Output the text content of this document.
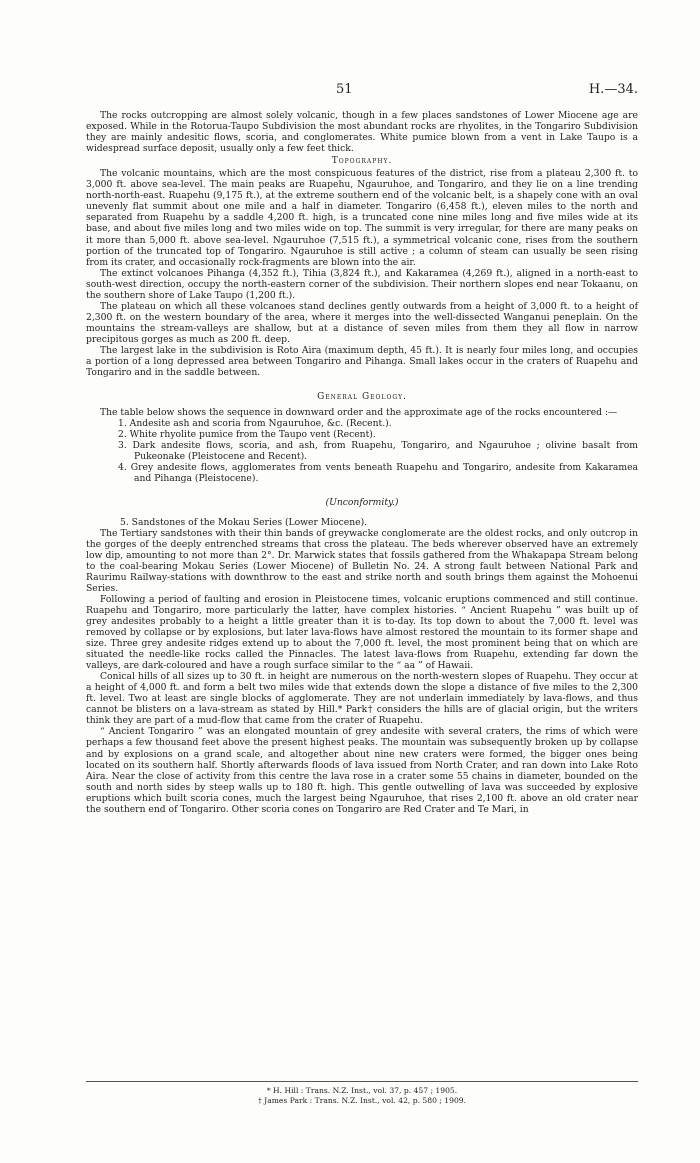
51	H.—34.

The rocks outcropping are almost solely volcanic, though in a few places sandstones of Lower Miocene age are exposed. While in the Rotorua-Taupo Subdivision the most abundant rocks are rhyolites, in the Tongariro Subdivision they are mainly andesitic flows, scoria, and conglomerates. White pumice blown from a vent in Lake Taupo is a widespread surface deposit, usually only a few feet thick.

Topography.

The volcanic mountains, which are the most conspicuous features of the district, rise from a plateau 2,300 ft. to 3,000 ft. above sea-level. The main peaks are Ruapehu, Ngauruhoe, and Tongariro, and they lie on a line trending north-north-east. Ruapehu (9,175 ft.), at the extreme southern end of the volcanic belt, is a shapely cone with an oval unevenly flat summit about one mile and a half in diameter. Tongariro (6,458 ft.), eleven miles to the north and separated from Ruapehu by a saddle 4,200 ft. high, is a truncated cone nine miles long and five miles wide at its base, and about five miles long and two miles wide on top. The summit is very irregular, for there are many peaks on it more than 5,000 ft. above sea-level. Ngauruhoe (7,515 ft.), a symmetrical volcanic cone, rises from the southern portion of the truncated top of Tongariro. Ngauruhoe is still active ; a column of steam can usually be seen rising from its crater, and occasionally rock-fragments are blown into the air.

The extinct volcanoes Pihanga (4,352 ft.), Tihia (3,824 ft.), and Kakaramea (4,269 ft.), aligned in a north-east to south-west direction, occupy the north-eastern corner of the subdivision. Their northern slopes end near Tokaanu, on the southern shore of Lake Taupo (1,200 ft.).

The plateau on which all these volcanoes stand declines gently outwards from a height of 3,000 ft. to a height of 2,300 ft. on the western boundary of the area, where it merges into the well-dissected Wanganui peneplain. On the mountains the stream-valleys are shallow, but at a distance of seven miles from them they all flow in narrow precipitous gorges as much as 200 ft. deep.

The largest lake in the subdivision is Roto Aira (maximum depth, 45 ft.). It is nearly four miles long, and occupies a portion of a long depressed area between Tongariro and Pihanga. Small lakes occur in the craters of Ruapehu and Tongariro and in the saddle between.

General Geology.

The table below shows the sequence in downward order and the approximate age of the rocks encountered :—

1. Andesite ash and scoria from Ngauruhoe, &c. (Recent.).
2. White rhyolite pumice from the Taupo vent (Recent).
3. Dark andesite flows, scoria, and ash, from Ruapehu, Tongariro, and Ngauruhoe ; olivine basalt from Pukeonake (Pleistocene and Recent).
4. Grey andesite flows, agglomerates from vents beneath Ruapehu and Tongariro, andesite from Kakaramea and Pihanga (Pleistocene).
(Unconformity.)

5. Sandstones of the Mokau Series (Lower Miocene).

The Tertiary sandstones with their thin bands of greywacke conglomerate are the oldest rocks, and only outcrop in the gorges of the deeply entrenched streams that cross the plateau. The beds wherever observed have an extremely low dip, amounting to not more than 2°. Dr. Marwick states that fossils gathered from the Whakapapa Stream belong to the coal-bearing Mokau Series (Lower Miocene) of Bulletin No. 24. A strong fault between National Park and Raurimu Railway-stations with downthrow to the east and strike north and south brings them against the Mohoenui Series.

Following a period of faulting and erosion in Pleistocene times, volcanic eruptions commenced and still continue. Ruapehu and Tongariro, more particularly the latter, have complex histories. “ Ancient Ruapehu ” was built up of grey andesites probably to a height a little greater than it is to-day. Its top down to about the 7,000 ft. level was removed by collapse or by explosions, but later lava-flows have almost restored the mountain to its former shape and size. Three grey andesite ridges extend up to about the 7,000 ft. level, the most prominent being that on which are situated the needle-like rocks called the Pinnacles. The latest lava-flows from Ruapehu, extending far down the valleys, are dark-coloured and have a rough surface similar to the “ aa ” of Hawaii.

Conical hills of all sizes up to 30 ft. in height are numerous on the north-western slopes of Ruapehu. They occur at a height of 4,000 ft. and form a belt two miles wide that extends down the slope a distance of five miles to the 2,300 ft. level. Two at least are single blocks of agglomerate. They are not underlain immediately by lava-flows, and thus cannot be blisters on a lava-stream as stated by Hill.* Park† considers the hills are of glacial origin, but the writers think they are part of a mud-flow that came from the crater of Ruapehu.

“ Ancient Tongariro ” was an elongated mountain of grey andesite with several craters, the rims of which were perhaps a few thousand feet above the present highest peaks. The mountain was subsequently broken up by collapse and by explosions on a grand scale, and altogether about nine new craters were formed, the bigger ones being located on its southern half. Shortly afterwards floods of lava issued from North Crater, and ran down into Lake Roto Aira. Near the close of activity from this centre the lava rose in a crater some 55 chains in diameter, bounded on the south and north sides by steep walls up to 180 ft. high. This gentle outwelling of lava was succeeded by explosive eruptions which built scoria cones, much the largest being Ngauruhoe, that rises 2,100 ft. above an old crater near the southern end of Tongariro. Other scoria cones on Tongariro are Red Crater and Te Mari, in

* H. Hill : Trans. N.Z. Inst., vol. 37, p. 457 ; 1905.
† James Park : Trans. N.Z. Inst., vol. 42, p. 580 ; 1909.
